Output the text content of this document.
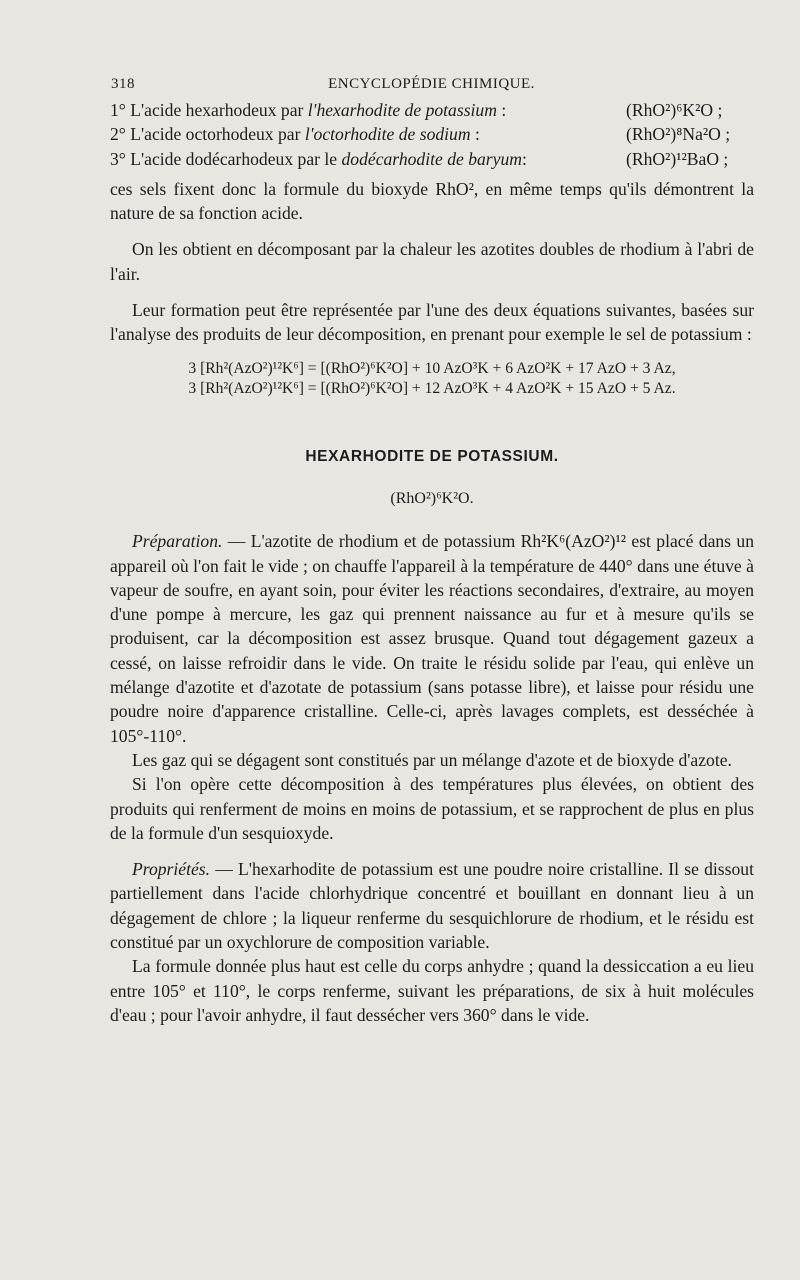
318	ENCYCLOPÉDIE CHIMIQUE.
1° L'acide hexarhodeux par l'hexarhodite de potassium :	(RhO²)⁶K²O ;
2° L'acide octorhodeux par l'octorhodite de sodium :	(RhO²)⁸Na²O ;
3° L'acide dodécarhodeux par le dodécarhodite de baryum:	(RhO²)¹²BaO ;

ces sels fixent donc la formule du bioxyde RhO², en même temps qu'ils démontrent la nature de sa fonction acide.

On les obtient en décomposant par la chaleur les azotites doubles de rhodium à l'abri de l'air.

Leur formation peut être représentée par l'une des deux équations suivantes, basées sur l'analyse des produits de leur décomposition, en prenant pour exemple le sel de potassium :

3 [Rh²(AzO²)¹²K⁶] = [(RhO²)⁶K²O] + 10 AzO³K + 6 AzO²K + 17 AzO + 3 Az,
3 [Rh²(AzO²)¹²K⁶] = [(RhO²)⁶K²O] + 12 AzO³K + 4 AzO²K + 15 AzO + 5 Az.
HEXARHODITE DE POTASSIUM.
(RhO²)⁶K²O.

Préparation. — L'azotite de rhodium et de potassium Rh²K⁶(AzO²)¹² est placé dans un appareil où l'on fait le vide ; on chauffe l'appareil à la température de 440° dans une étuve à vapeur de soufre, en ayant soin, pour éviter les réactions secondaires, d'extraire, au moyen d'une pompe à mercure, les gaz qui prennent naissance au fur et à mesure qu'ils se produisent, car la décomposition est assez brusque. Quand tout dégagement gazeux a cessé, on laisse refroidir dans le vide. On traite le résidu solide par l'eau, qui enlève un mélange d'azotite et d'azotate de potassium (sans potasse libre), et laisse pour résidu une poudre noire d'apparence cristalline. Celle-ci, après lavages complets, est desséchée à 105°-110°.

Les gaz qui se dégagent sont constitués par un mélange d'azote et de bioxyde d'azote.

Si l'on opère cette décomposition à des températures plus élevées, on obtient des produits qui renferment de moins en moins de potassium, et se rapprochent de plus en plus de la formule d'un sesquioxyde.

Propriétés. — L'hexarhodite de potassium est une poudre noire cristalline. Il se dissout partiellement dans l'acide chlorhydrique concentré et bouillant en donnant lieu à un dégagement de chlore ; la liqueur renferme du sesquichlorure de rhodium, et le résidu est constitué par un oxychlorure de composition variable.

La formule donnée plus haut est celle du corps anhydre ; quand la dessiccation a eu lieu entre 105° et 110°, le corps renferme, suivant les préparations, de six à huit molécules d'eau ; pour l'avoir anhydre, il faut dessécher vers 360° dans le vide.
